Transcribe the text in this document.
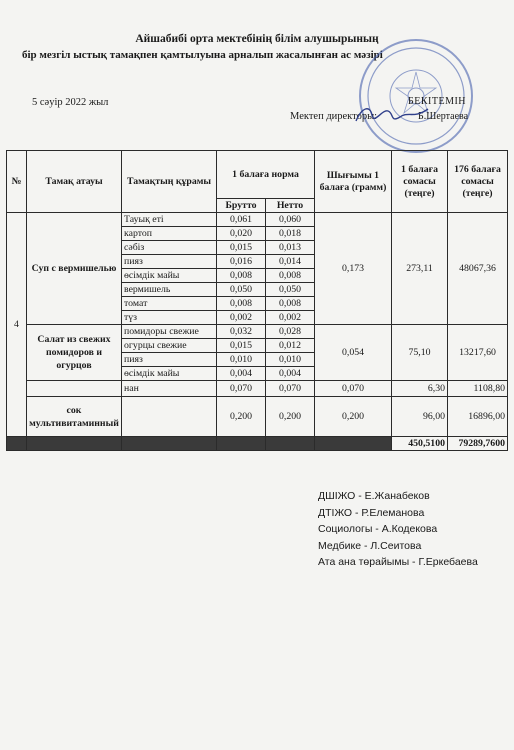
Айшабибі орта мектебінің білім алушырының
бір мезгіл ыстық тамақпен қамтылуына арналып жасалынған ас мәзірі
5 сәуір 2022 жыл	БЕКІТЕМІН
Мектеп директоры:	Б.Шертаева
№	Тамақ атауы	Тамақтың құрамы	1 балаға норма		Шығымы 1 балаға (грамм)	1 балаға сомасы (теңге)	176 балаға сомасы (теңге)
			Брутто	Нетто			
4	Суп с вермишелью	Тауық еті	0,061	0,060	0,173	273,11	48067,36
		картоп	0,020	0,018			
		сәбіз	0,015	0,013			
		пияз	0,016	0,014			
		өсімдік майы	0,008	0,008			
		вермишель	0,050	0,050			
		томат	0,008	0,008			
		түз	0,002	0,002			
	Салат из свежих помидоров и огурцов	помидоры свежие	0,032	0,028	0,054	75,10	13217,60
		огурцы свежие	0,015	0,012			
		пияз	0,010	0,010			
		өсімдік майы	0,004	0,004			
		нан	0,070	0,070	0,070	6,30	1108,80
	сок мультивитаминный		0,200	0,200	0,200	96,00	16896,00
						450,5100	79289,7600
ДШІЖО - Е.Жанабеков
ДТІЖО - Р.Елеманова
Социологы - А.Кодекова
Медбике - Л.Сеитова
Ата ана төрайымы - Г.Еркебаева
